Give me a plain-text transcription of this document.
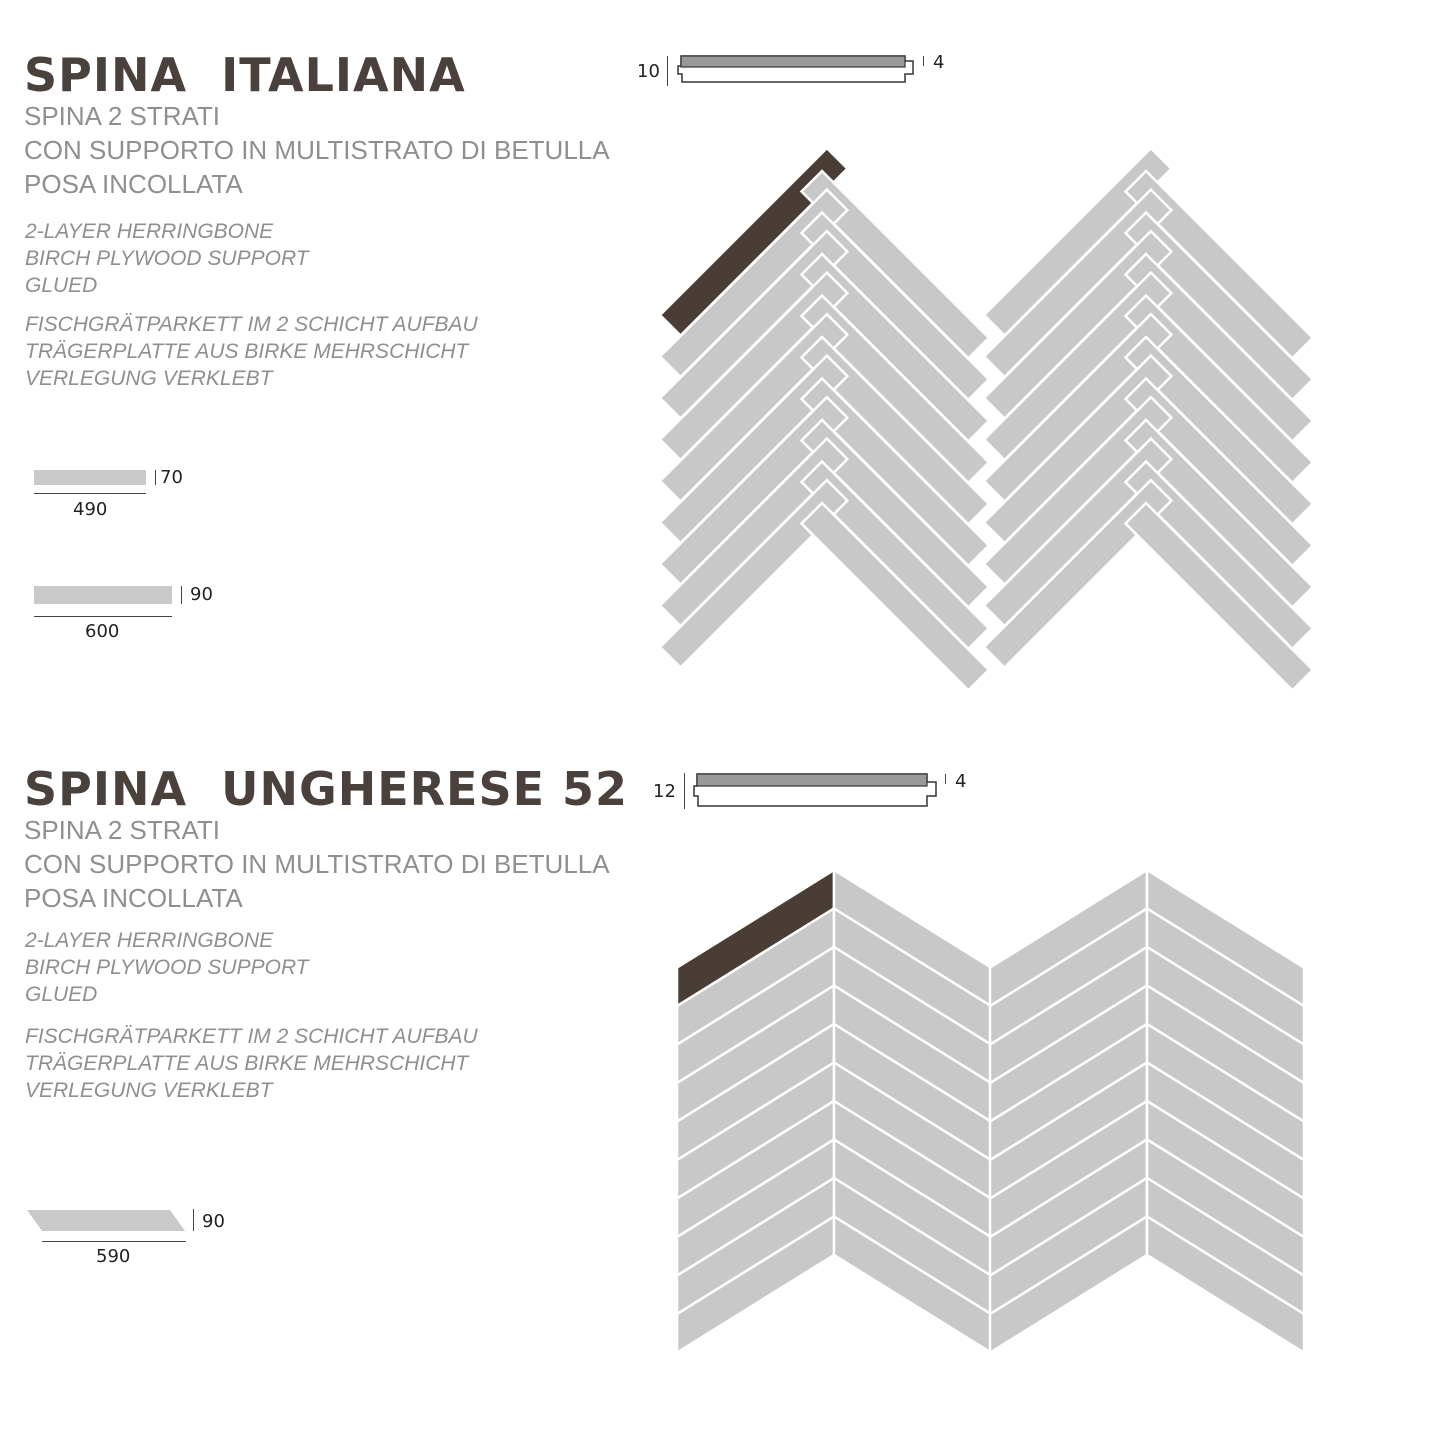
SPINA  ITALIANA
SPINA 2 STRATI
CON SUPPORTO IN MULTISTRATO DI BETULLA
POSA INCOLLATA
2-LAYER HERRINGBONE
BIRCH PLYWOOD SUPPORT
GLUED
FISCHGRÄTPARKETT IM 2 SCHICHT AUFBAU
TRÄGERPLATTE AUS BIRKE MEHRSCHICHT
VERLEGUNG VERKLEBT
70
490
90
600
10	4
SPINA  UNGHERESE 52
SPINA 2 STRATI
CON SUPPORTO IN MULTISTRATO DI BETULLA
POSA INCOLLATA
2-LAYER HERRINGBONE
BIRCH PLYWOOD SUPPORT
GLUED
FISCHGRÄTPARKETT IM 2 SCHICHT AUFBAU
TRÄGERPLATTE AUS BIRKE MEHRSCHICHT
VERLEGUNG VERKLEBT
90
590
12	4
